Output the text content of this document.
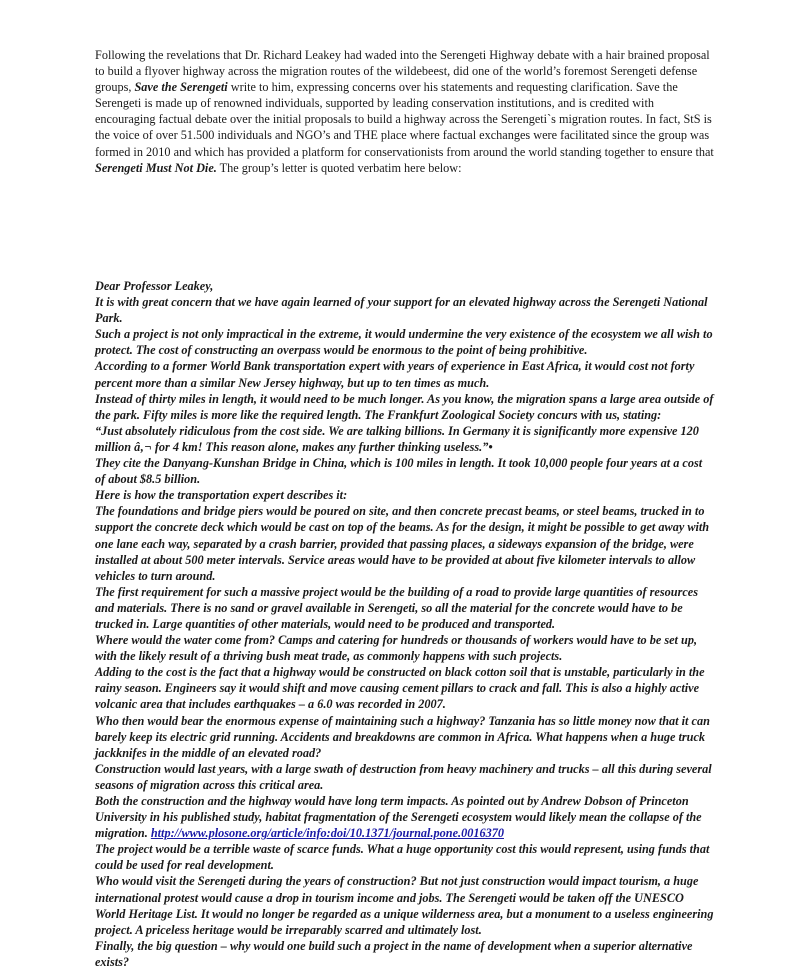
Following the revelations that Dr. Richard Leakey had waded into the Serengeti Highway debate with a hair brained proposal to build a flyover highway across the migration routes of the wildebeest, did one of the world’s foremost Serengeti defense groups, Save the Serengeti write to him, expressing concerns over his statements and requesting clarification. Save the Serengeti is made up of renowned individuals, supported by leading conservation institutions, and is credited with encouraging factual debate over the initial proposals to build a highway across the Serengeti`s migration routes. In fact, StS is the voice of over 51.500 individuals and NGO’s and THE place where factual exchanges were facilitated since the group was formed in 2010 and which has provided a platform for conservationists from around the world standing together to ensure that Serengeti Must Not Die. The group’s letter is quoted verbatim here below:

Dear Professor Leakey,
It is with great concern that we have again learned of your support for an elevated highway across the Serengeti National Park.
Such a project is not only impractical in the extreme, it would undermine the very existence of the ecosystem we all wish to protect. The cost of constructing an overpass would be enormous to the point of being prohibitive.
According to a former World Bank transportation expert with years of experience in East Africa, it would cost not forty percent more than a similar New Jersey highway, but up to ten times as much.
Instead of thirty miles in length, it would need to be much longer. As you know, the migration spans a large area outside of the park. Fifty miles is more like the required length. The Frankfurt Zoological Society concurs with us, stating:
“Just absolutely ridiculous from the cost side. We are talking billions. In Germany it is significantly more expensive 120 million â‚¬ for 4 km! This reason alone, makes any further thinking useless.”•
They cite the Danyang-Kunshan Bridge in China, which is 100 miles in length. It took 10,000 people four years at a cost of about $8.5 billion.
Here is how the transportation expert describes it:
The foundations and bridge piers would be poured on site, and then concrete precast beams, or steel beams, trucked in to support the concrete deck which would be cast on top of the beams. As for the design, it might be possible to get away with one lane each way, separated by a crash barrier, provided that passing places, a sideways expansion of the bridge, were installed at about 500 meter intervals. Service areas would have to be provided at about five kilometer intervals to allow vehicles to turn around.
The first requirement for such a massive project would be the building of a road to provide large quantities of resources and materials. There is no sand or gravel available in Serengeti, so all the material for the concrete would have to be trucked in. Large quantities of other materials, would need to be produced and transported.
Where would the water come from? Camps and catering for hundreds or thousands of workers would have to be set up, with the likely result of a thriving bush meat trade, as commonly happens with such projects.
Adding to the cost is the fact that a highway would be constructed on black cotton soil that is unstable, particularly in the rainy season. Engineers say it would shift and move causing cement pillars to crack and fall. This is also a highly active volcanic area that includes earthquakes – a 6.0 was recorded in 2007.
Who then would bear the enormous expense of maintaining such a highway? Tanzania has so little money now that it can barely keep its electric grid running. Accidents and breakdowns are common in Africa. What happens when a huge truck jackknifes in the middle of an elevated road?
Construction would last years, with a large swath of destruction from heavy machinery and trucks – all this during several seasons of migration across this critical area.
Both the construction and the highway would have long term impacts. As pointed out by Andrew Dobson of Princeton University in his published study, habitat fragmentation of the Serengeti ecosystem would likely mean the collapse of the migration. http://www.plosone.org/article/info:doi/10.1371/journal.pone.0016370
The project would be a terrible waste of scarce funds. What a huge opportunity cost this would represent, using funds that could be used for real development.
Who would visit the Serengeti during the years of construction? But not just construction would impact tourism, a huge international protest would cause a drop in tourism income and jobs. The Serengeti would be taken off the UNESCO World Heritage List. It would no longer be regarded as a unique wilderness area, but a monument to a useless engineering project. A priceless heritage would be irreparably scarred and ultimately lost.
Finally, the big question – why would one build such a project in the name of development when a superior alternative exists?
